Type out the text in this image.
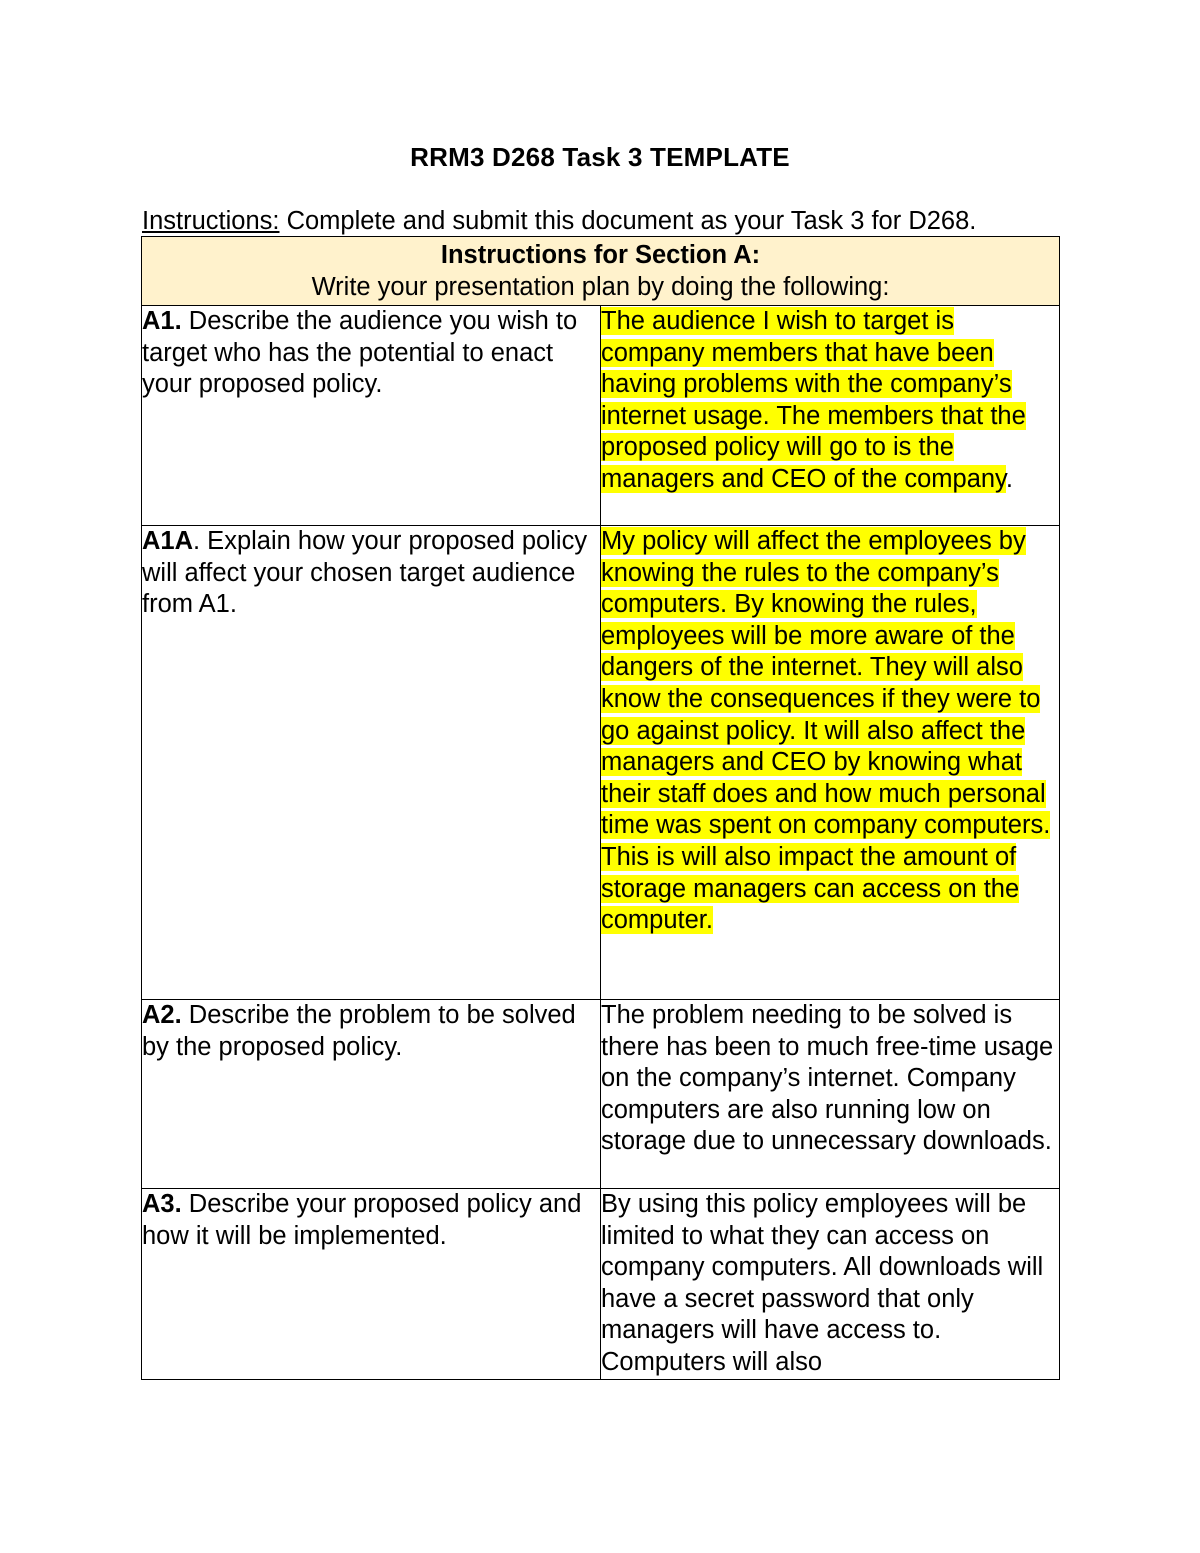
RRM3 D268 Task 3 TEMPLATE
Instructions: Complete and submit this document as your Task 3 for D268.
Instructions for Section A:
Write your presentation plan by doing the following:	

A1. Describe the audience you wish to target who has the potential to enact your proposed policy.	The audience I wish to target is company members that have been having problems with the company’s internet usage. The members that the proposed policy will go to is the managers and CEO of the company.
A1A. Explain how your proposed policy will affect your chosen target audience from A1.	My policy will affect the employees by knowing the rules to the company’s computers. By knowing the rules, employees will be more aware of the dangers of the internet. They will also know the consequences if they were to go against policy. It will also affect the managers and CEO by knowing what their staff does and how much personal time was spent on company computers. This is will also impact the amount of storage managers can access on the computer.
A2. Describe the problem to be solved by the proposed policy.	The problem needing to be solved is there has been to much free-time usage on the company’s internet. Company computers are also running low on storage due to unnecessary downloads.
A3. Describe your proposed policy and how it will be implemented.	By using this policy employees will be limited to what they can access on company computers. All downloads will have a secret password that only managers will have access to. Computers will also
